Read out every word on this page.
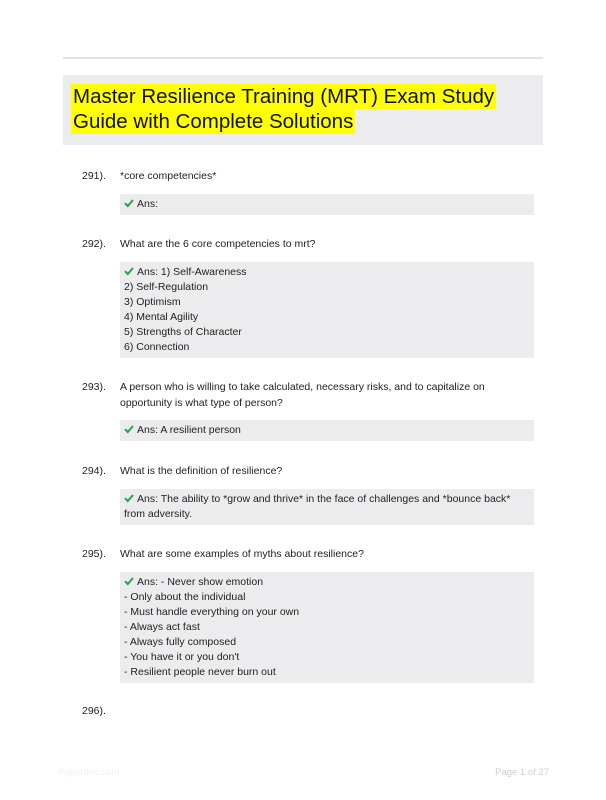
Master Resilience Training (MRT) Exam Study
Guide with Complete Solutions
291). *core competencies*
Ans:
292). What are the 6 core competencies to mrt?
Ans: 1) Self-Awareness
2) Self-Regulation
3) Optimism
4) Mental Agility
5) Strengths of Character
6) Connection
293). A person who is willing to take calculated, necessary risks, and to capitalize on
opportunity is what type of person?
Ans: A resilient person
294). What is the definition of resilience?
Ans: The ability to *grow and thrive* in the face of challenges and *bounce back*
from adversity.
295). What are some examples of myths about resilience?
Ans: - Never show emotion
- Only about the individual
- Must handle everything on your own
- Always act fast
- Always fully composed
- You have it or you don't
- Resilient people never burn out
296).
Paperdoc.com	Page 1 of 27
